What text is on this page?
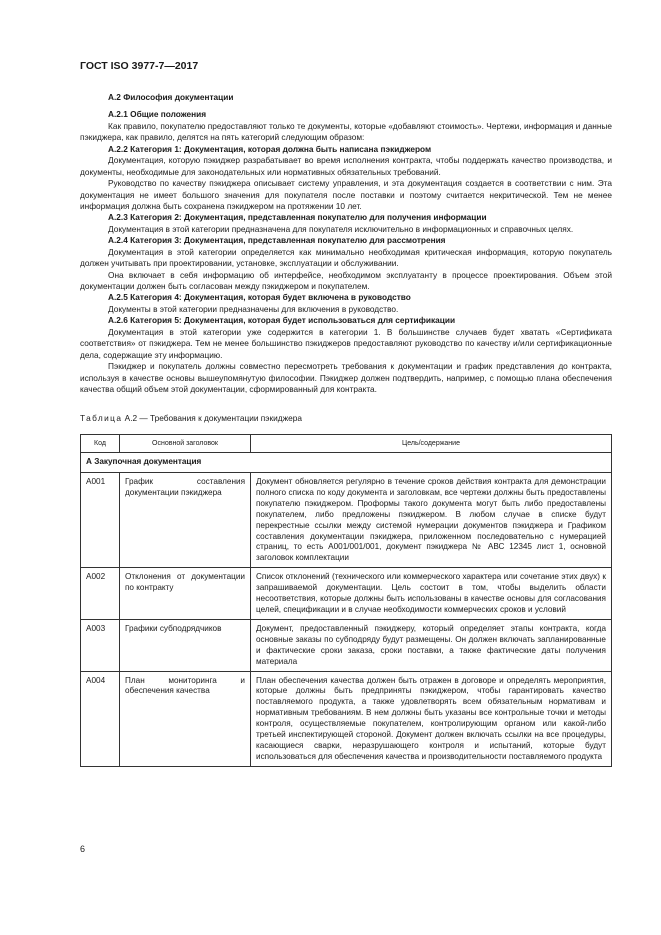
ГОСТ ISO 3977-7—2017

А.2 Философия документации

А.2.1 Общие положения

Как правило, покупателю предоставляют только те документы, которые «добавляют стоимость». Чертежи, информация и данные пэкиджера, как правило, делятся на пять категорий следующим образом:

А.2.2 Категория 1: Документация, которая должна быть написана пэкиджером

Документация, которую пэкиджер разрабатывает во время исполнения контракта, чтобы поддержать качество производства, и документы, необходимые для законодательных или нормативных обязательных требований.

Руководство по качеству пэкиджера описывает систему управления, и эта документация создается в соответствии с ним. Эта документация не имеет большого значения для покупателя после поставки и поэтому считается некритической. Тем не менее информация должна быть сохранена пэкиджером на протяжении 10 лет.

А.2.3 Категория 2: Документация, представленная покупателю для получения информации

Документация в этой категории предназначена для покупателя исключительно в информационных и справочных целях.

А.2.4 Категория 3: Документация, представленная покупателю для рассмотрения

Документация в этой категории определяется как минимально необходимая критическая информация, которую покупатель должен учитывать при проектировании, установке, эксплуатации и обслуживании.

Она включает в себя информацию об интерфейсе, необходимом эксплуатанту в процессе проектирования. Объем этой документации должен быть согласован между пэкиджером и покупателем.

А.2.5 Категория 4: Документация, которая будет включена в руководство

Документы в этой категории предназначены для включения в руководство.

А.2.6 Категория 5: Документация, которая будет использоваться для сертификации

Документация в этой категории уже содержится в категории 1. В большинстве случаев будет хватать «Сертификата соответствия» от пэкиджера. Тем не менее большинство пэкиджеров предоставляют руководство по качеству и/или сертификационные дела, содержащие эту информацию.

Пэкиджер и покупатель должны совместно пересмотреть требования к документации и график представления до контракта, используя в качестве основы вышеупомянутую философии. Пэкиджер должен подтвердить, например, с помощью плана обеспечения качества общий объем этой документации, сформированный для контракта.

Таблица А.2 — Требования к документации пэкиджера

Код	Основной заголовок	Цель/содержание
А Закупочная документация		
А001	График составления документации пэкиджера	Документ обновляется регулярно в течение сроков действия контракта для демонстрации полного списка по коду документа и заголовкам, все чертежи должны быть предоставлены покупателю пэкиджером. Проформы такого документа могут быть либо предоставлены покупателем, либо предложены пэкиджером. В любом случае в списке будут перекрестные ссылки между системой нумерации документов пэкиджера и Графиком составления документации пэкиджера, приложенном последовательно с нумерацией страниц, то есть А001/001/001, документ пэкиджера № АВС 12345 лист 1, основной заголовок комплектации
А002	Отклонения от документации по контракту	Список отклонений (технического или коммерческого характера или сочетание этих двух) к запрашиваемой документации. Цель состоит в том, чтобы выделить области несоответствия, которые должны быть использованы в качестве основы для согласования целей, спецификации и в случае необходимости коммерческих сроков и условий
А003	Графики субподрядчиков	Документ, предоставленный пэкиджеру, который определяет этапы контракта, когда основные заказы по субподряду будут размещены. Он должен включать запланированные и фактические сроки заказа, сроки поставки, а также фактические даты получения материала
А004	План мониторинга и обеспечения качества	План обеспечения качества должен быть отражен в договоре и определять мероприятия, которые должны быть предприняты пэкиджером, чтобы гарантировать качество поставляемого продукта, а также удовлетворять всем обязательным нормативам и нормативным требованиям. В нем должны быть указаны все контрольные точки и методы контроля, осуществляемые покупателем, контролирующим органом или какой-либо третьей инспектирующей стороной. Документ должен включать ссылки на все процедуры, касающиеся сварки, неразрушающего контроля и испытаний, которые будут использоваться для обеспечения качества и производительности поставляемого продукта
6
